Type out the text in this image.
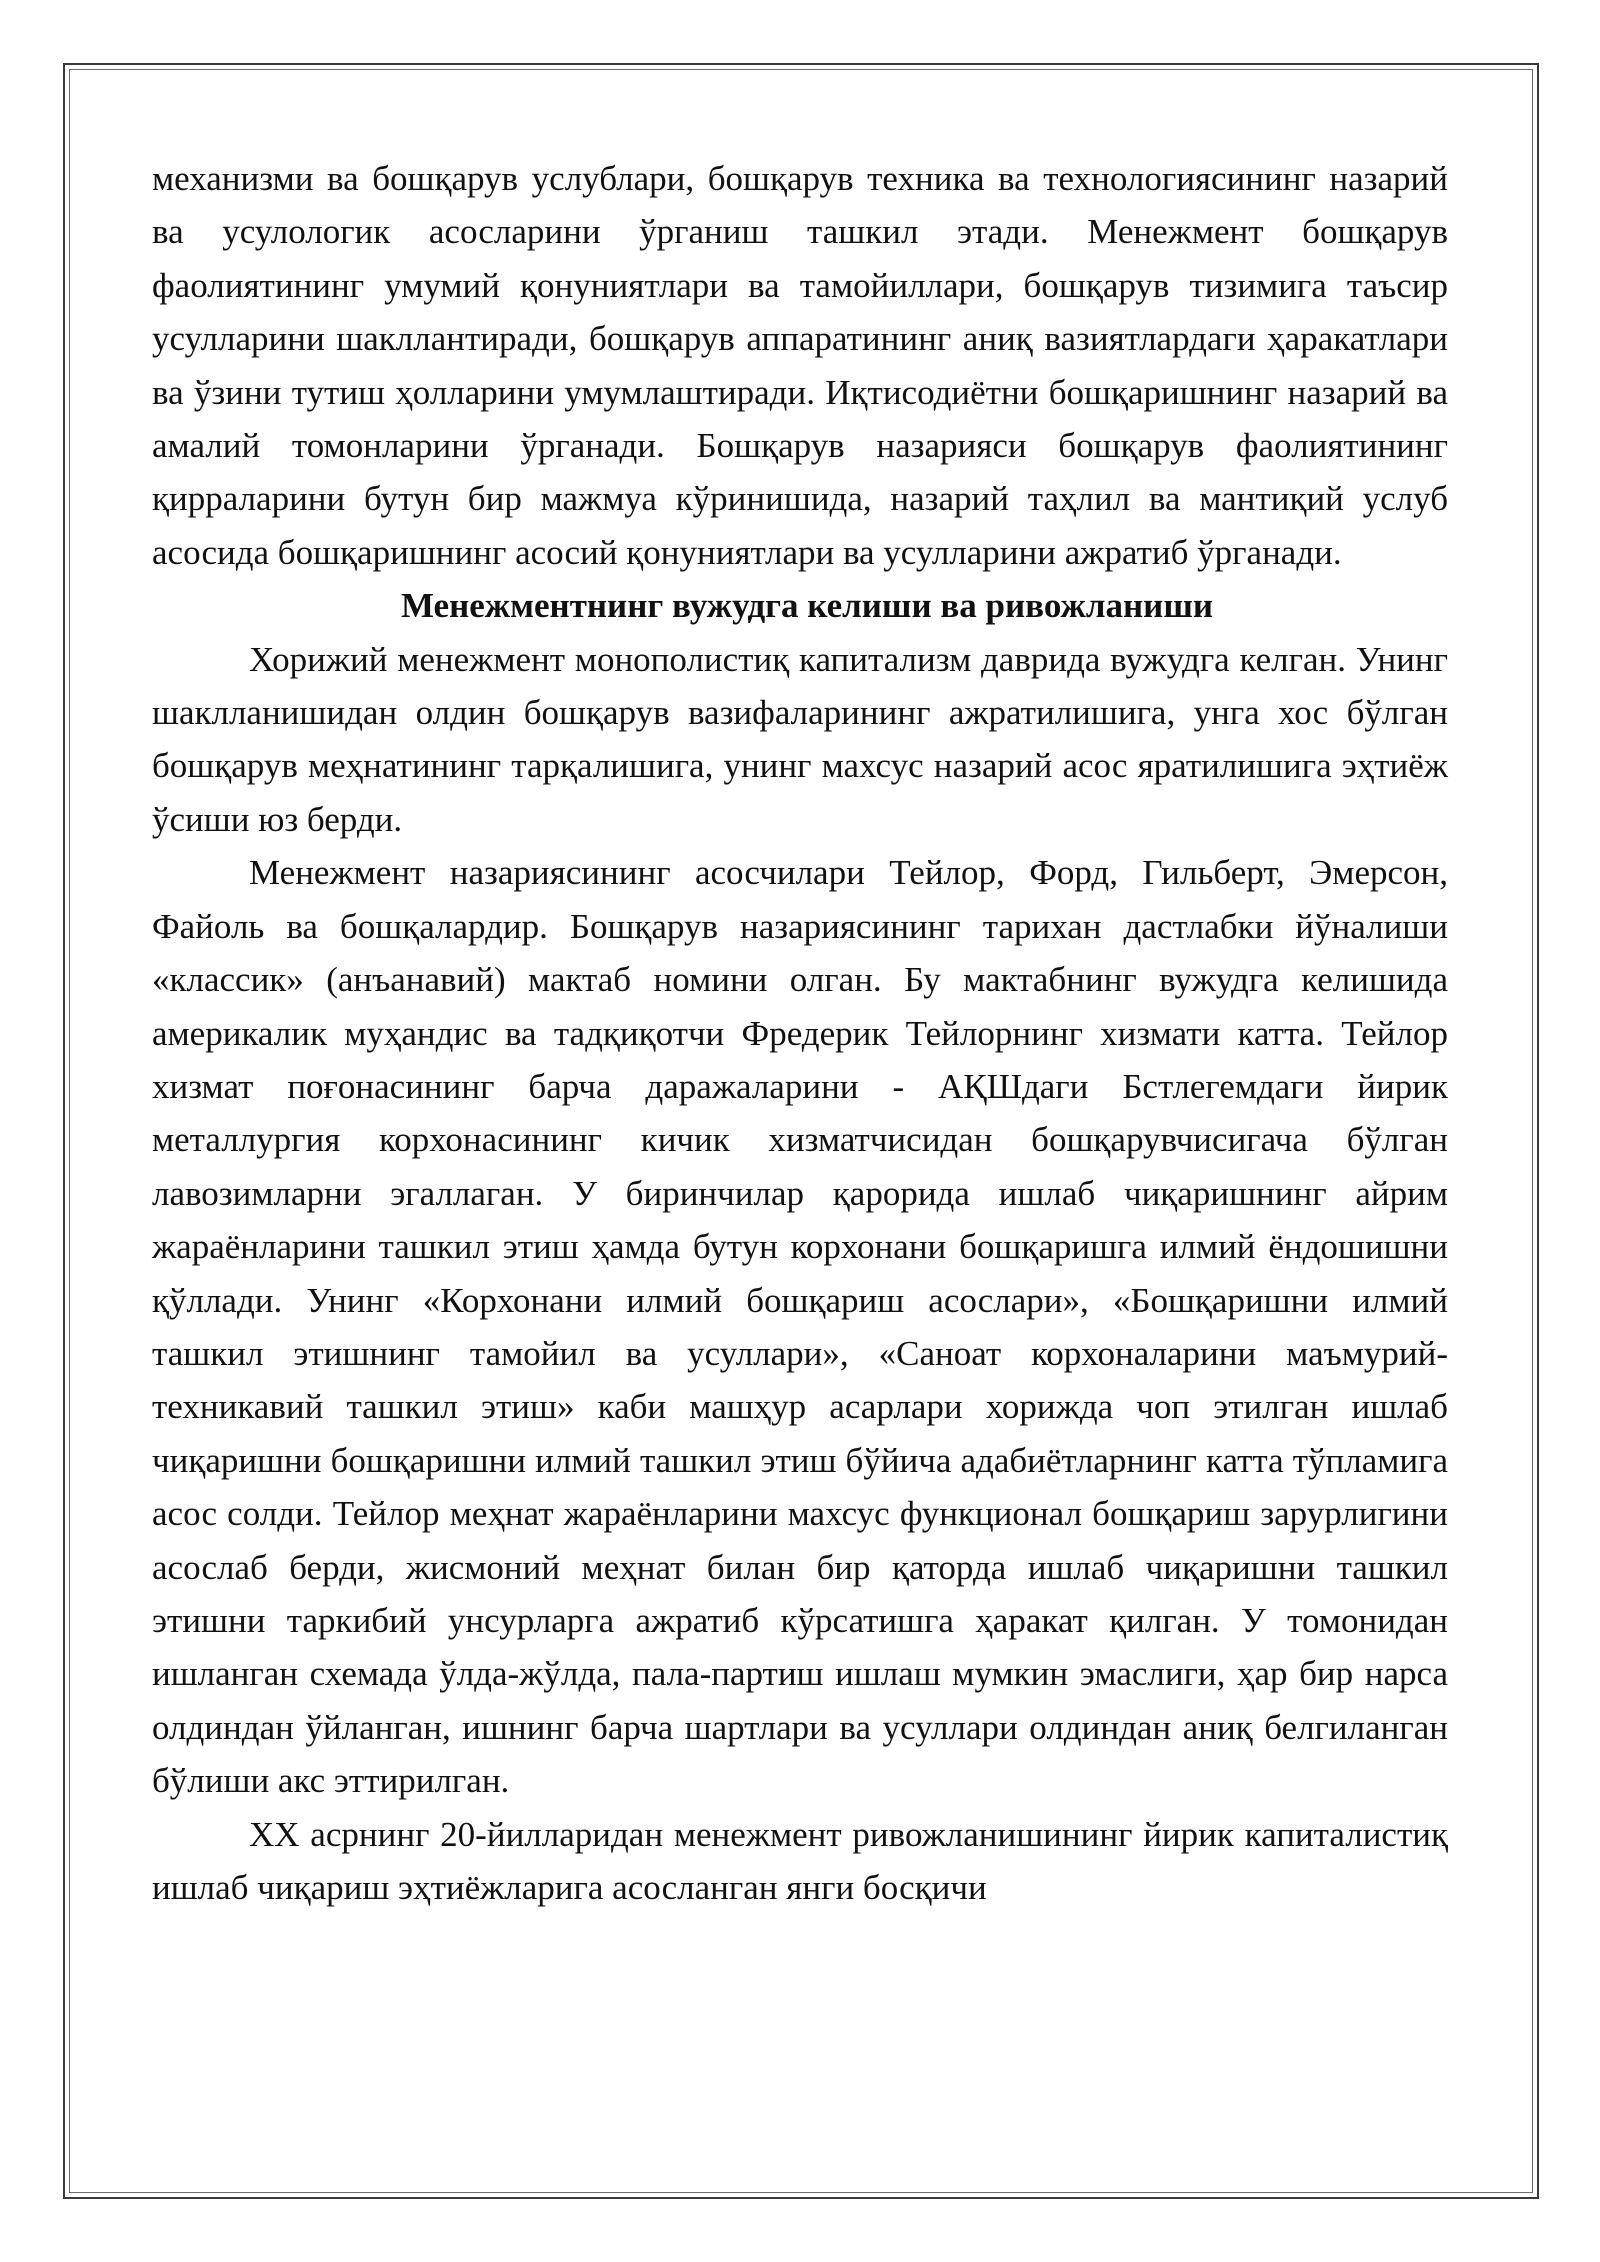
механизми ва бошқарув услублари, бошқарув техника ва технологиясининг назарий ва усулологик асосларини ўрганиш ташкил этади. Менежмент бошқарув фаолиятининг умумий қонуниятлари ва тамойиллари, бошқарув тизимига таъсир усулларини шакллантиради, бошқарув аппаратининг аниқ вазиятлардаги ҳаракатлари ва ўзини тутиш ҳолларини умумлаштиради. Иқтисодиётни бошқаришнинг назарий ва амалий томонларини ўрганади. Бошқарув назарияси бошқарув фаолиятининг қирраларини бутун бир мажмуа кўринишида, назарий таҳлил ва мантиқий услуб асосида бошқаришнинг асосий қонуниятлари ва усулларини ажратиб ўрганади.

Менежментнинг вужудга келиши ва ривожланиши

Хорижий менежмент монополистиқ капитализм даврида вужудга келган. Унинг шаклланишидан олдин бошқарув вазифаларининг ажратилишига, унга хос бўлган бошқарув меҳнатининг тарқалишига, унинг махсус назарий асос яратилишига эҳтиёж ўсиши юз берди.

Менежмент назариясининг асосчилари Тейлор, Форд, Гильберт, Эмерсон, Файоль ва бошқалардир. Бошқарув назариясининг тарихан дастлабки йўналиши «классик» (анъанавий) мактаб номини олган. Бу мактабнинг вужудга келишида америкалик муҳандис ва тадқиқотчи Фредерик Тейлорнинг хизмати катта. Тейлор хизмат поғонасининг барча даражаларини - АҚШдаги Бстлегемдаги йирик металлургия корхонасининг кичик хизматчисидан бошқарувчисигача бўлган лавозимларни эгаллаган. У биринчилар қарорида ишлаб чиқаришнинг айрим жараёнларини ташкил этиш ҳамда бутун корхонани бошқаришга илмий ёндошишни қўллади. Унинг «Корхонани илмий бошқариш асослари», «Бошқаришни илмий ташкил этишнинг тамойил ва усуллари», «Саноат корхоналарини маъмурий-техникавий ташкил этиш» каби машҳур асарлари хорижда чоп этилган ишлаб чиқаришни бошқаришни илмий ташкил этиш бўйича адабиётларнинг катта тўпламига асос солди. Тейлор меҳнат жараёнларини махсус функционал бошқариш зарурлигини асослаб берди, жисмоний меҳнат билан бир қаторда ишлаб чиқаришни ташкил этишни таркибий унсурларга ажратиб кўрсатишга ҳаракат қилган. У томонидан ишланган схемада ўлда-жўлда, пала-партиш ишлаш мумкин эмаслиги, ҳар бир нарса олдиндан ўйланган, ишнинг барча шартлари ва усуллари олдиндан аниқ белгиланган бўлиши акс эттирилган.

XX асрнинг 20-йилларидан менежмент ривожланишининг йирик капиталистиқ ишлаб чиқариш эҳтиёжларига асосланган янги босқичи
